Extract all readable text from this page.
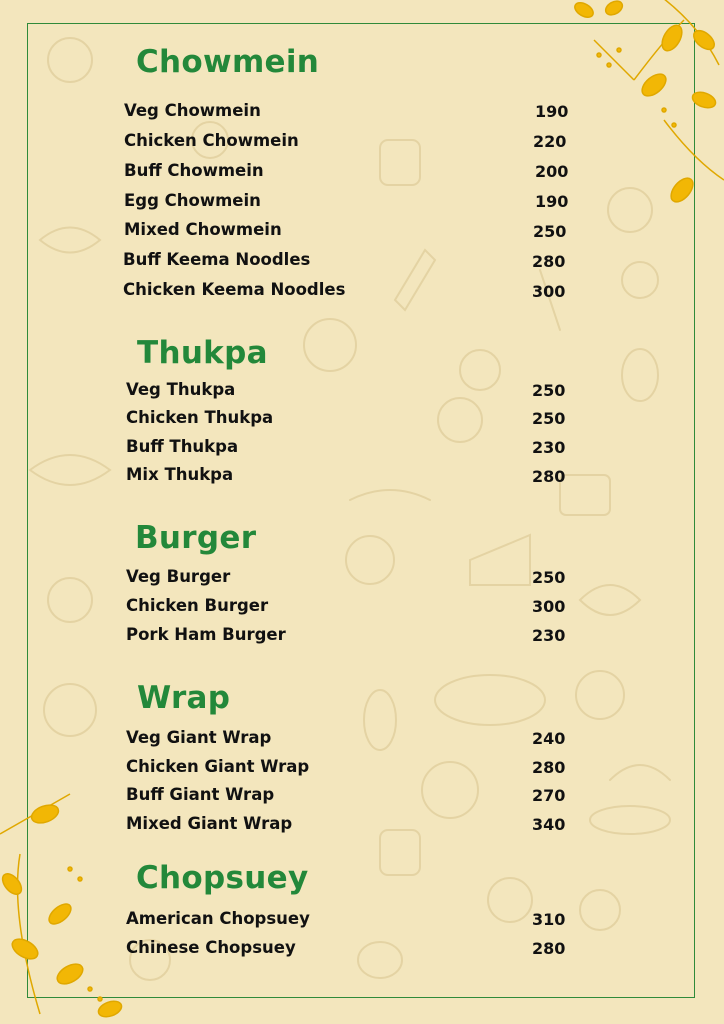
Chowmein
Veg Chowmein	190
Chicken Chowmein	220
Buff Chowmein	200
Egg Chowmein	190
Mixed Chowmein	250
Buff Keema Noodles	280
Chicken Keema Noodles	300
Thukpa
Veg Thukpa	250
Chicken Thukpa	250
Buff Thukpa	230
Mix Thukpa	280
Burger
Veg Burger	250
Chicken Burger	300
Pork Ham Burger	230
Wrap
Veg Giant Wrap	240
Chicken Giant Wrap	280
Buff Giant Wrap	270
Mixed Giant Wrap	340
Chopsuey
American Chopsuey	310
Chinese Chopsuey	280
